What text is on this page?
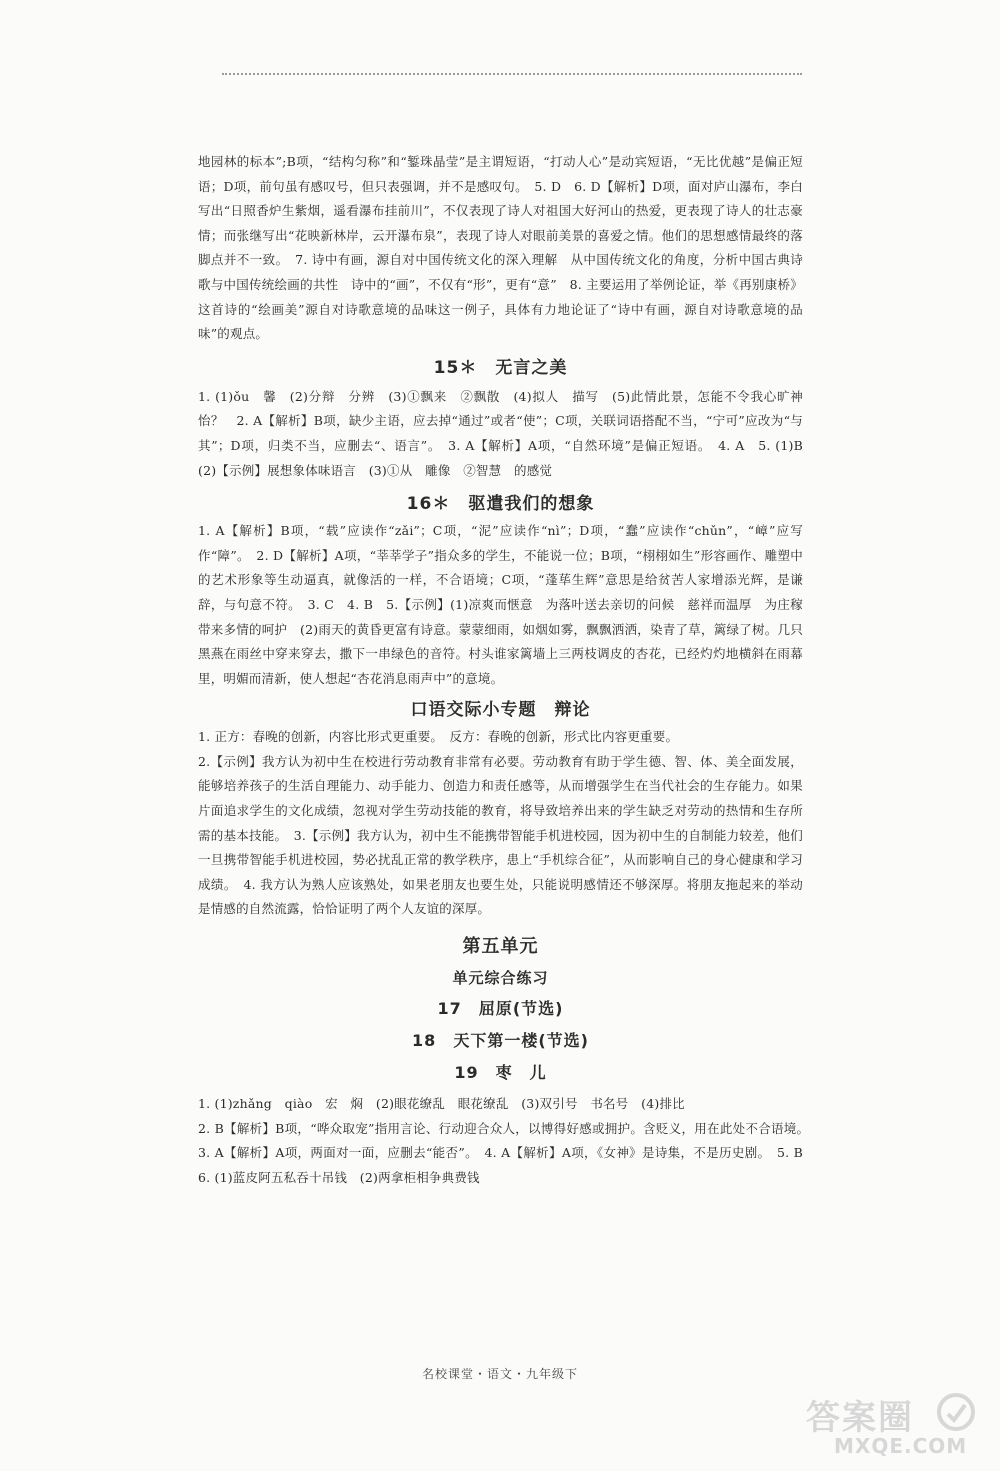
地园林的标本”;B项，“结构匀称”和“錾珠晶莹”是主谓短语，“打动人心”是动宾短语，“无比优越”是偏正短语；D项，前句虽有感叹号，但只表强调，并不是感叹句。　5. D　6. D【解析】D项，面对庐山瀑布，李白写出“日照香炉生紫烟，遥看瀑布挂前川”，不仅表现了诗人对祖国大好河山的热爱，更表现了诗人的壮志豪情；而张继写出“花映新林岸，云开瀑布泉”，表现了诗人对眼前美景的喜爱之情。他们的思想感情最终的落脚点并不一致。　7. 诗中有画，源自对中国传统文化的深入理解　从中国传统文化的角度，分析中国古典诗歌与中国传统绘画的共性　诗中的“画”，不仅有“形”，更有“意”　8. 主要运用了举例论证，举《再别康桥》这首诗的“绘画美”源自对诗歌意境的品味这一例子，具体有力地论证了“诗中有画，源自对诗歌意境的品味”的观点。

15＊　无言之美

1. (1)ǒu　馨　(2)分辩　分辨　(3)①飘来　②飘散　(4)拟人　描写　(5)此情此景，怎能不令我心旷神怡？　2. A【解析】B项，缺少主语，应去掉“通过”或者“使”；C项，关联词语搭配不当，“宁可”应改为“与其”；D项，归类不当，应删去“、语言”。　3. A【解析】A项，“自然环境”是偏正短语。　4. A　5. (1)B　(2)【示例】展想象体味语言　(3)①从　雕像　②智慧　的感觉

16＊　驱遣我们的想象

1. A【解析】B项，“载”应读作“zǎi”；C项，“泥”应读作“nì”；D项，“蠢”应读作“chǔn”，“嶂”应写作“障”。　2. D【解析】A项，“莘莘学子”指众多的学生，不能说一位；B项，“栩栩如生”形容画作、雕塑中的艺术形象等生动逼真，就像活的一样，不合语境；C项，“蓬荜生辉”意思是给贫苦人家增添光辉，是谦辞，与句意不符。　3. C　4. B　5.【示例】(1)凉爽而惬意　为落叶送去亲切的问候　慈祥而温厚　为庄稼带来多情的呵护　(2)雨天的黄昏更富有诗意。蒙蒙细雨，如烟如雾，飘飘洒洒，染青了草，篱绿了树。几只黑燕在雨丝中穿来穿去，撒下一串绿色的音符。村头谁家篱墙上三两枝调皮的杏花，已经灼灼地横斜在雨幕里，明媚而清新，使人想起“杏花消息雨声中”的意境。

口语交际小专题　辩论

1. 正方：春晚的创新，内容比形式更重要。　反方：春晚的创新，形式比内容更重要。

2.【示例】我方认为初中生在校进行劳动教育非常有必要。劳动教育有助于学生德、智、体、美全面发展，能够培养孩子的生活自理能力、动手能力、创造力和责任感等，从而增强学生在当代社会的生存能力。如果片面追求学生的文化成绩，忽视对学生劳动技能的教育，将导致培养出来的学生缺乏对劳动的热情和生存所需的基本技能。　3.【示例】我方认为，初中生不能携带智能手机进校园，因为初中生的自制能力较差，他们一旦携带智能手机进校园，势必扰乱正常的教学秩序，患上“手机综合征”，从而影响自己的身心健康和学习成绩。　4. 我方认为熟人应该熟处，如果老朋友也要生处，只能说明感情还不够深厚。将朋友拖起来的举动是情感的自然流露，恰恰证明了两个人友谊的深厚。

第五单元
单元综合练习
17　屈原(节选)
18　天下第一楼(节选)
19　枣　儿

1. (1)zhǎng　qiào　宏　焖　(2)眼花缭乱　眼花缭乱　(3)双引号　书名号　(4)排比

2. B【解析】B项，“哗众取宠”指用言论、行动迎合众人，以博得好感或拥护。含贬义，用在此处不合语境。　3. A【解析】A项，两面对一面，应删去“能否”。　4. A【解析】A项，《女神》是诗集，不是历史剧。　5. B　6. (1)蓝皮阿五私吞十吊钱　(2)两拿柜相争典费钱

名校课堂・语文・九年级下
答案圈
MXQE.COM
